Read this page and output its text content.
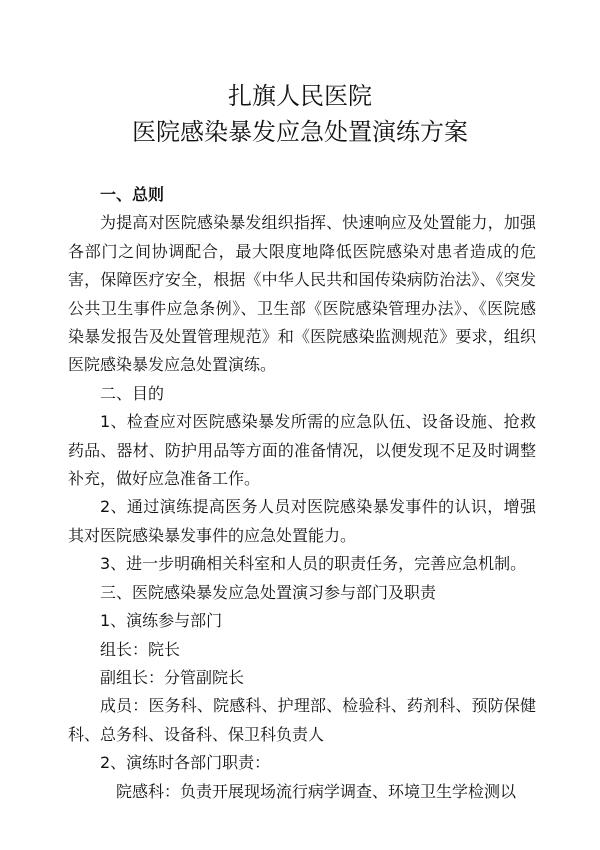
扎旗人民医院
医院感染暴发应急处置演练方案

一、总则

为提高对医院感染暴发组织指挥、快速响应及处置能力，加强各部门之间协调配合，最大限度地降低医院感染对患者造成的危害，保障医疗安全，根据《中华人民共和国传染病防治法》、《突发公共卫生事件应急条例》、卫生部《医院感染管理办法》、《医院感染暴发报告及处置管理规范》和《医院感染监测规范》要求，组织医院感染暴发应急处置演练。

二、目的

1、检查应对医院感染暴发所需的应急队伍、设备设施、抢救药品、器材、防护用品等方面的准备情况，以便发现不足及时调整补充，做好应急准备工作。

2、通过演练提高医务人员对医院感染暴发事件的认识，增强其对医院感染暴发事件的应急处置能力。

3、进一步明确相关科室和人员的职责任务，完善应急机制。

三、医院感染暴发应急处置演习参与部门及职责

1、演练参与部门

组长：院长

副组长：分管副院长

成员：医务科、院感科、护理部、检验科、药剂科、预防保健科、总务科、设备科、保卫科负责人

2、演练时各部门职责：

院感科：负责开展现场流行病学调查、环境卫生学检测以
